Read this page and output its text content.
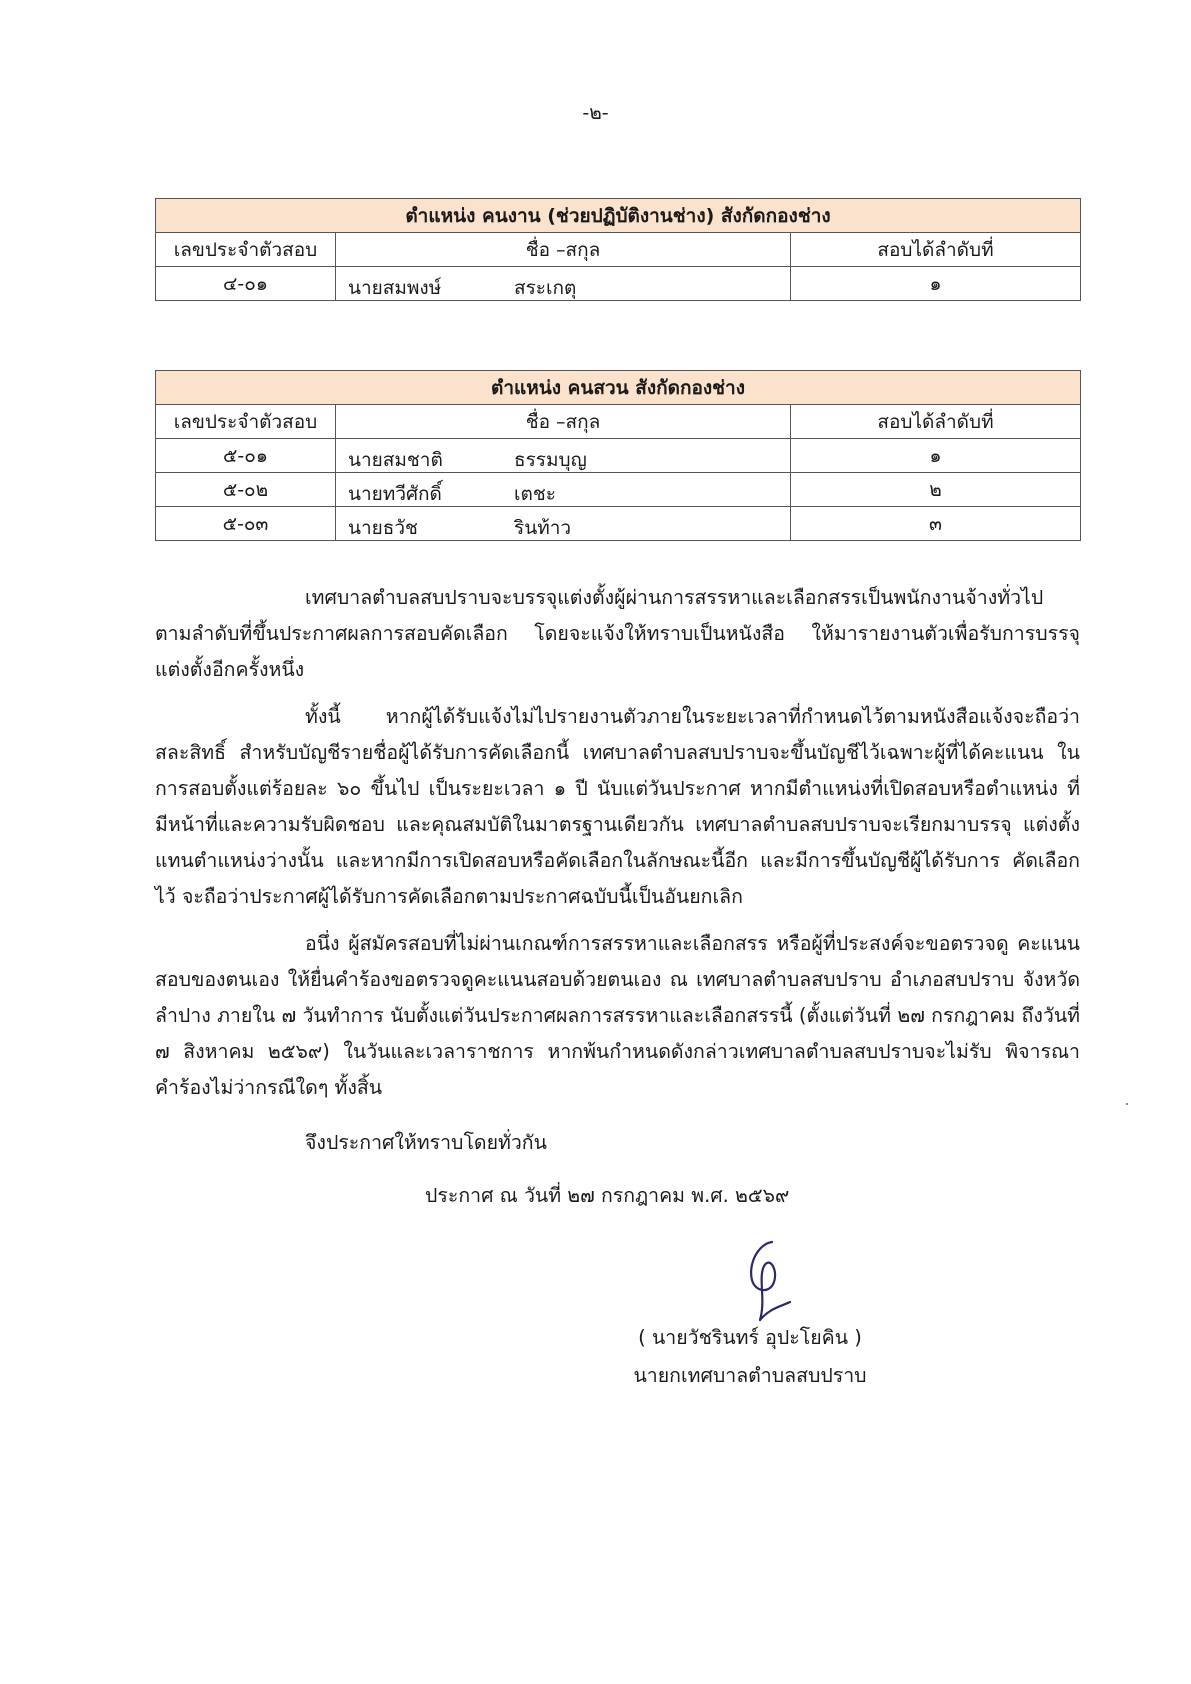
-๒-
ตำแหน่ง คนงาน (ช่วยปฏิบัติงานช่าง) สังกัดกองช่าง		
เลขประจำตัวสอบ	ชื่อ –สกุล	สอบได้ลำดับที่
๔-๐๑	นายสมพงษ์ สระเกตุ	๑
ตำแหน่ง คนสวน สังกัดกองช่าง		
เลขประจำตัวสอบ	ชื่อ –สกุล	สอบได้ลำดับที่
๕-๐๑	นายสมชาติ ธรรมบุญ	๑
๕-๐๒	นายทวีศักดิ์ เตชะ	๒
๕-๐๓	นายธวัช รินท้าว	๓

เทศบาลตำบลสบปราบจะบรรจุแต่งตั้งผู้ผ่านการสรรหาและเลือกสรรเป็นพนักงานจ้างทั่วไป ตามลำดับที่ขึ้นประกาศผลการสอบคัดเลือก โดยจะแจ้งให้ทราบเป็นหนังสือ ให้มารายงานตัวเพื่อรับการบรรจุ แต่งตั้งอีกครั้งหนึ่ง

ทั้งนี้ หากผู้ได้รับแจ้งไม่ไปรายงานตัวภายในระยะเวลาที่กำหนดไว้ตามหนังสือแจ้งจะถือว่า สละสิทธิ์ สำหรับบัญชีรายชื่อผู้ได้รับการคัดเลือกนี้ เทศบาลตำบลสบปราบจะขึ้นบัญชีไว้เฉพาะผู้ที่ได้คะแนน ในการสอบตั้งแต่ร้อยละ ๖๐ ขึ้นไป เป็นระยะเวลา ๑ ปี นับแต่วันประกาศ หากมีตำแหน่งที่เปิดสอบหรือตำแหน่ง ที่มีหน้าที่และความรับผิดชอบ และคุณสมบัติในมาตรฐานเดียวกัน เทศบาลตำบลสบปราบจะเรียกมาบรรจุ แต่งตั้งแทนตำแหน่งว่างนั้น และหากมีการเปิดสอบหรือคัดเลือกในลักษณะนี้อีก และมีการขึ้นบัญชีผู้ได้รับการ คัดเลือกไว้ จะถือว่าประกาศผู้ได้รับการคัดเลือกตามประกาศฉบับนี้เป็นอันยกเลิก

อนึ่ง ผู้สมัครสอบที่ไม่ผ่านเกณฑ์การสรรหาและเลือกสรร หรือผู้ที่ประสงค์จะขอตรวจดู คะแนนสอบของตนเอง ให้ยื่นคำร้องขอตรวจดูคะแนนสอบด้วยตนเอง ณ เทศบาลตำบลสบปราบ อำเภอสบปราบ จังหวัดลำปาง ภายใน ๗ วันทำการ นับตั้งแต่วันประกาศผลการสรรหาและเลือกสรรนี้ (ตั้งแต่วันที่ ๒๗ กรกฎาคม ถึงวันที่ ๗ สิงหาคม ๒๕๖๙) ในวันและเวลาราชการ หากพ้นกำหนดดังกล่าวเทศบาลตำบลสบปราบจะไม่รับ พิจารณาคำร้องไม่ว่ากรณีใดๆ ทั้งสิ้น

จึงประกาศให้ทราบโดยทั่วกัน
ประกาศ ณ วันที่ ๒๗ กรกฎาคม พ.ศ. ๒๕๖๙
( นายวัชรินทร์ อุปะโยคิน )
นายกเทศบาลตำบลสบปราบ
